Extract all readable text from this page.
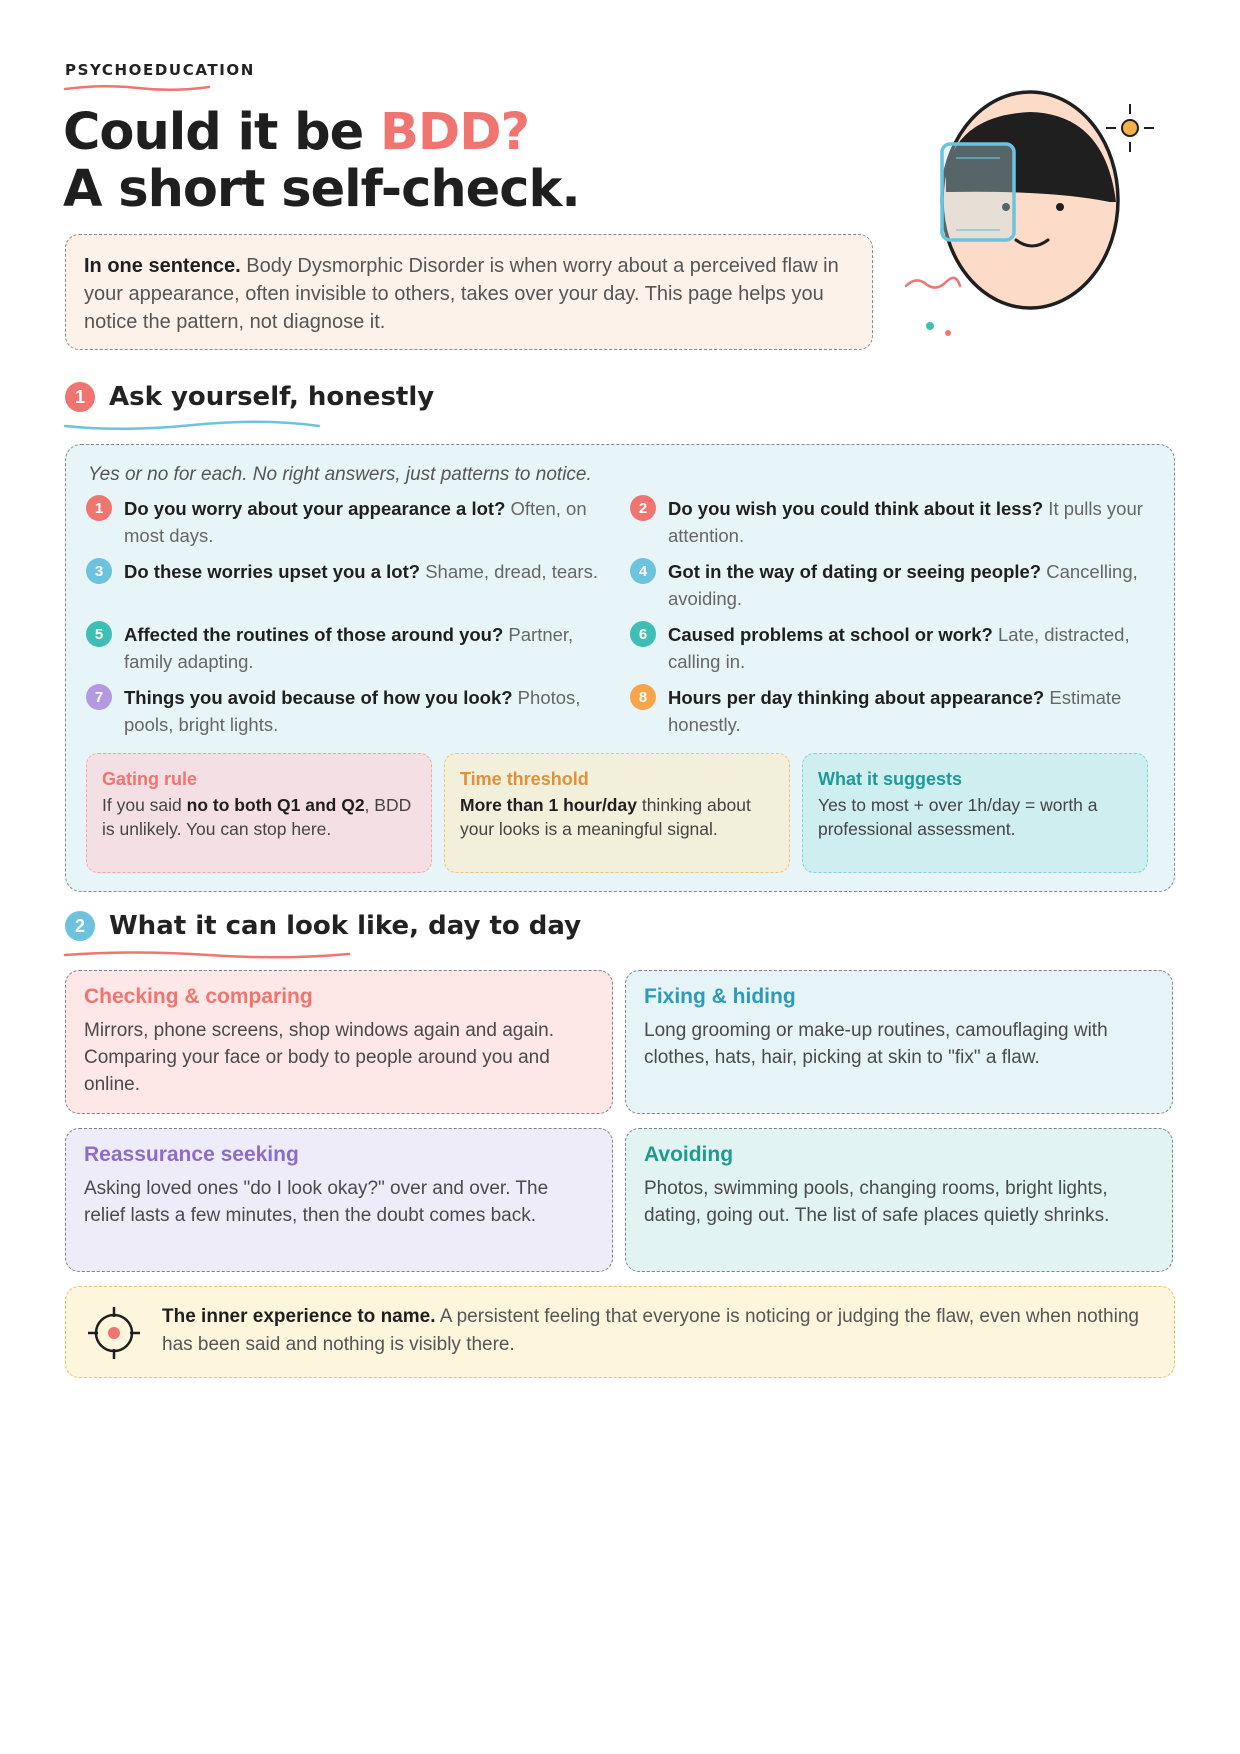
PSYCHOEDUCATION
Could it be BDD?
A short self-check.
In one sentence. Body Dysmorphic Disorder is when worry about a perceived flaw in your appearance, often invisible to others, takes over your day. This page helps you notice the pattern, not diagnose it.
1 Ask yourself, honestly
Yes or no for each. No right answers, just patterns to notice.
1	Do you worry about your appearance a lot? Often, on most days.
2	Do you wish you could think about it less? It pulls your attention.
3	Do these worries upset you a lot? Shame, dread, tears.	4	Got in the way of dating or seeing people? Cancelling, avoiding.
5	Affected the routines of those around you? Partner, family adapting.
6	Caused problems at school or work? Late, distracted, calling in.
7	Things you avoid because of how you look? Photos, pools, bright lights.
8	Hours per day thinking about appearance? Estimate honestly.
Gating rule
If you said no to both Q1 and Q2, BDD is unlikely. You can stop here.
Time threshold
More than 1 hour/day thinking about your looks is a meaningful signal.
What it suggests
Yes to most + over 1h/day = worth a professional assessment.
2 What it can look like, day to day
Checking & comparing
Mirrors, phone screens, shop windows again and again. Comparing your face or body to people around you and online.
Fixing & hiding
Long grooming or make-up routines, camouflaging with clothes, hats, hair, picking at skin to "fix" a flaw.
Reassurance seeking
Asking loved ones "do I look okay?" over and over. The relief lasts a few minutes, then the doubt comes back.
Avoiding
Photos, swimming pools, changing rooms, bright lights, dating, going out. The list of safe places quietly shrinks.
The inner experience to name. A persistent feeling that everyone is noticing or judging the flaw, even when nothing has been said and nothing is visibly there.
